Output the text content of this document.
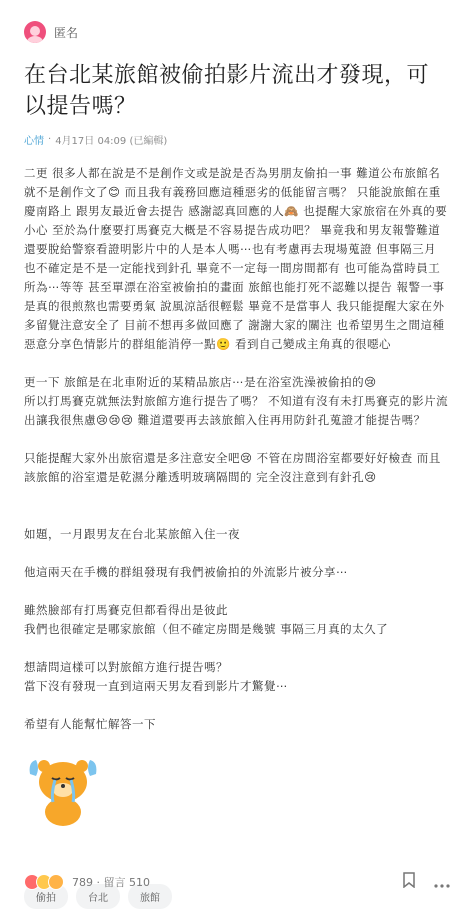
匿名
在台北某旅館被偷拍影片流出才發現，可以提告嗎？
心情 · 4月17日 04:09 (已編輯)

二更 很多人都在說是不是創作文或是說是否為男朋友偷拍一事 難道公布旅館名就不是創作文了😊 而且我有義務回應這種惡劣的低能留言嗎？ 只能說旅館在重慶南路上 跟男友最近會去提告 感謝認真回應的人🙈 也提醒大家旅宿在外真的要小心 至於為什麼要打馬賽克大概是不容易提告成功吧？ 畢竟我和男友報警難道還要脫給警察看證明影片中的人是本人嗎⋯也有考慮再去現場蒐證 但事隔三月 也不確定是不是一定能找到針孔 畢竟不一定每一間房間都有 也可能為當時員工所為⋯等等 甚至單漂在浴室被偷拍的畫面 旅館也能打死不認難以提告 報警一事是真的很煎熬也需要勇氣 說風涼話很輕鬆 畢竟不是當事人 我只能提醒大家在外多留覺注意安全了 目前不想再多做回應了 謝謝大家的關注 也希望男生之間這種惡意分享色情影片的群組能消停一點🙂 看到自己變成主角真的很噁心

更一下 旅館是在北車附近的某精品旅店⋯是在浴室洗澡被偷拍的😢

所以打馬賽克就無法對旅館方進行提告了嗎？ 不知道有沒有未打馬賽克的影片流出讓我很焦慮😢😢😢 難道還要再去該旅館入住再用防針孔蒐證才能提告嗎？

只能提醒大家外出旅宿還是多注意安全吧😢 不管在房間浴室都要好好檢查 而且該旅館的浴室還是乾濕分離透明玻璃隔間的 完全沒注意到有針孔😢

如題，一月跟男友在台北某旅館入住一夜

他這兩天在手機的群組發現有我們被偷拍的外流影片被分享⋯

雖然臉部有打馬賽克但都看得出是彼此

我們也很確定是哪家旅館（但不確定房間是幾號 事隔三月真的太久了

想請問這樣可以對旅館方進行提告嗎？

當下沒有發現一直到這兩天男友看到影片才驚覺⋯

希望有人能幫忙解答一下

偷拍	台北	旅館
789 · 留言 510
